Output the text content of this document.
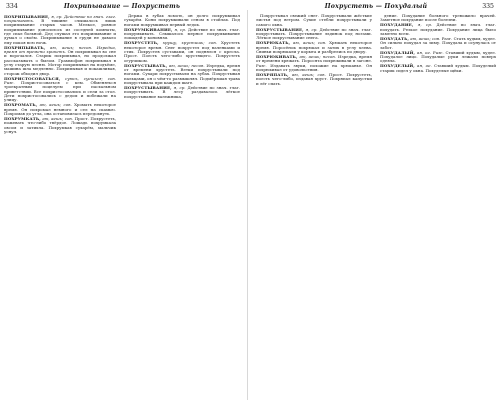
334	Похрипывание — Похрустеть

ПОХРИПЫВАНИЕ, я, ср. Действие по знач. глаг. похрипывать. В тишине слышалось лишь похрипывание старых часов. Мелкое, ровное похрипывание доносилось из соседней комнаты, где спал больной. Дед слушал это похрипывание и думал о своём. Похрипывание в груди не давало ему покоя всю ночь.

ПОХРИПЫВАТЬ, аю, аешь; несов. Изредка, время от времени хрипеть. Он похрипывал во сне и ворочался. Старик похрипывал, но продолжал рассказывать о былом. Граммофон похрипывал в углу старую песню. Мотор похрипывал на подъёме, машина шла медленно. Похрипывая и покашливая, сторож обходил двор.

ПОХРИСТОСОВАТЬСЯ, суюсь, суешься; сов. Разг. Похристосоваться с кем. Обменяться троекратным поцелуем при пасхальном приветствии. Все похристосовались и сели за стол. Дети похристосовались с дедом и побежали на улицу.

ПОХРОМАТЬ, аю, аешь; сов. Хромать некоторое время. Он похромал немного и сел на скамью. Похромав до угла, она остановилась передохнуть.

ПОХРУМКАТЬ, аю, аешь; сов. Прост. Похрустеть, пожевать что-либо твёрдое. Лошадь похрумкала овсом и затихла. Похрумкав сухарём, мальчик уснул.

Держа в зубах ломоть, он долго похрумкивал сухарём. Кони похрумкивали сеном в стойлах. Под ногами похрумкивал первый ледок.

ПОХРУМКИВАНИЕ, я, ср. Действие по знач. глаг. похрумкивать. Слышалось мерное похрумкивание лошадей у коновязи.

ПОХРУСТЕТЬ, хрущу, хрустишь; сов. Хрустеть некоторое время. Снег похрустел под валенками и стих. Похрустев суставами, он поднялся с кресла. Прост. Поесть чего-либо хрустящего. Похрустеть огурчиком.

ПОХРУСТЫВАТЬ, аю, аешь; несов. Изредка, время от времени хрустеть. Ветки похрустывали под ногами. Сухари похрустывали на зубах. Похрустывая пальцами, он о чём-то размышлял. Подмёрзшая трава похрустывала при каждом шаге.

ПОХРУСТЫВАНИЕ, я, ср. Действие по знач. глаг. похрустывать. В лесу раздавалось лёгкое похрустывание валежника.

Похрустеть — Похудалый	335

Похрустывал свежий снег. Похрустывали жёсткие листья под ветром. Сухие стебли похрустывали у самого окна.

ПОХРУСТЫВАНИЕ, я, ср. Действие по знач. глаг. похрустывать. Похрустывание льдинок под ногами. Лёгкое похрустывание снега.

ПОХРЮКАТЬ, аю, аешь; сов. Хрюкать некоторое время. Поросёнок похрюкал и затих в углу хлева. Свиньи похрюкали у корыта и разбрелись по двору.

ПОХРЮКИВАТЬ, аю, аешь; несов. Изредка, время от времени хрюкать. Поросята похрюкивали в загоне. Разг. Издавать звуки, похожие на хрюканье. Он похрюкивал от удовольствия.

ПОХРЯПАТЬ, аю, аешь; сов. Прост. Похрустеть, поесть чего-либо, издавая хруст. Похряпал капустки и лёг спать.

дение. Похудание больного тревожило врачей. Заметное похудание после болезни.

ПОХУДАНИЕ, я, ср. Действие по знач. глаг. похудать. Резкое похудание. Похудание лица было заметно всем.

ПОХУДАТЬ, аю, аешь; сов. Разг. Стать худым, худее. Он сильно похудал за зиму. Похудала и осунулась от забот.

ПОХУДАЛЫЙ, ая, ое. Разг. Ставший худым, худее. Похудалое лицо. Похудалые руки лежали поверх одеяла.

ПОХУДЕЛЫЙ, ая, ое. Ставший худым. Похуделый старик сидел у окна. Похуделые щёки.
